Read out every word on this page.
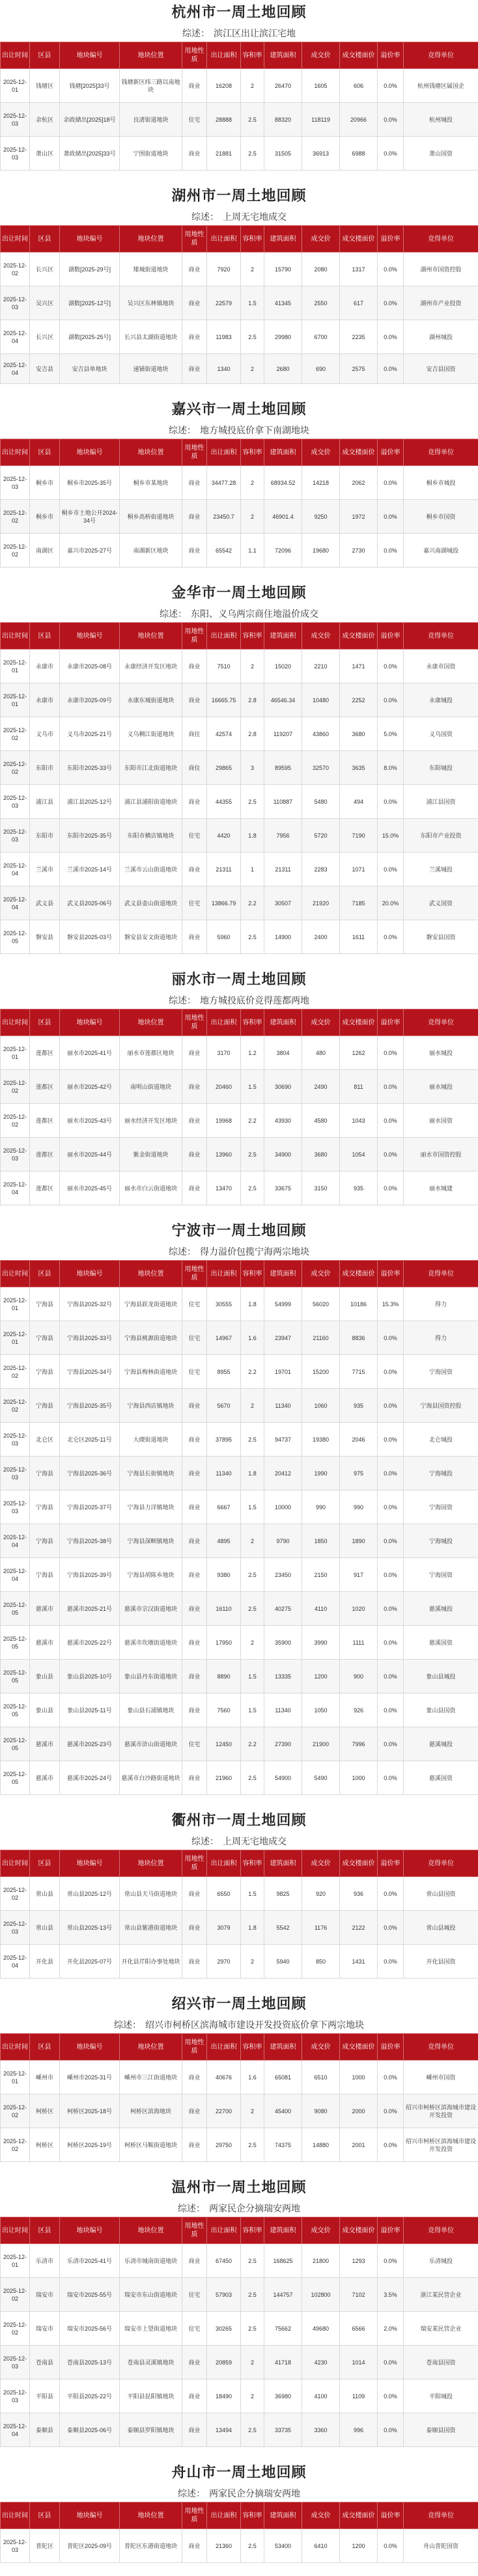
杭州市一周土地回顾
综述： 滨江区出让滨江宅地
出让时间	区县	地块编号	地块位置	用地性质	出让面积	容积率	建筑面积	成交价	成交楼面价	溢价率	竞得单位
2025-12-01	钱塘区	钱塘[2025]33号	钱塘新区纬三路以南地块	商业	16208	2	26470	1605	606	0.0%	杭州钱塘区属国企
2025-12-03	余杭区	余政储出[2025]18号	良渚街道地块	住宅	28888	2.5	88320	118119	20966	0.0%	杭州城投
2025-12-03	萧山区	萧政储出[2025]33号	宁围街道地块	商业	21881	2.5	31505	36913	6988	0.0%	萧山国资
湖州市一周土地回顾
综述： 上周无宅地成交
出让时间	区县	地块编号	地块位置	用地性质	出让面积	容积率	建筑面积	成交价	成交楼面价	溢价率	竞得单位
2025-12-02	长兴区	湖数[2025-29号]	雉城街道地块	商业	7920	2	15790	2080	1317	0.0%	湖州市国资控股
2025-12-03	吴兴区	湖数[2025-12号]	吴兴区东林镇地块	商业	22579	1.5	41345	2550	617	0.0%	湖州市产业投资
2025-12-04	长兴区	湖数[2025-25号]	长兴县太湖街道地块	商业	11983	2.5	29980	6700	2235	0.0%	湖州城投
2025-12-04	安吉县	安吉县单地块	递铺街道地块	商业	1340	2	2680	690	2575	0.0%	安吉县国资
嘉兴市一周土地回顾
综述： 地方城投底价拿下南湖地块
出让时间	区县	地块编号	地块位置	用地性质	出让面积	容积率	建筑面积	成交价	成交楼面价	溢价率	竞得单位
2025-12-03	桐乡市	桐乡市2025-35号	桐乡市某地块	商业	34477.28	2	68934.52	14218	2062	0.0%	桐乡市城投
2025-12-02	桐乡市	桐乡市土地公开2024-34号	桐乡高桥街道地块	商业	23450.7	2	46901.4	9250	1972	0.0%	桐乡市国资
2025-12-02	南湖区	嘉兴市2025-27号	南湖新区地块	商业	65542	1.1	72096	19680	2730	0.0%	嘉兴南湖城投
金华市一周土地回顾
综述： 东阳、义乌两宗商住地溢价成交
出让时间	区县	地块编号	地块位置	用地性质	出让面积	容积率	建筑面积	成交价	成交楼面价	溢价率	竞得单位
2025-12-01	永康市	永康市2025-08号	永康经济开发区地块	商业	7510	2	15020	2210	1471	0.0%	永康市国资
2025-12-01	永康市	永康市2025-09号	永康东城街道地块	商业	16665.75	2.8	46546.34	10480	2252	0.0%	永康城投
2025-12-02	义乌市	义乌市2025-21号	义乌稠江街道地块	商住	42574	2.8	119207	43860	3680	5.0%	义乌国资
2025-12-02	东阳市	东阳市2025-33号	东阳市江北街道地块	商住	29865	3	89595	32570	3635	8.0%	东阳城投
2025-12-03	浦江县	浦江县2025-12号	浦江县浦阳街道地块	商业	44355	2.5	110887	5480	494	0.0%	浦江县国资
2025-12-03	东阳市	东阳市2025-35号	东阳市横店镇地块	住宅	4420	1.8	7956	5720	7190	15.0%	东阳市产业投资
2025-12-04	兰溪市	兰溪市2025-14号	兰溪市云山街道地块	商业	21311	1	21311	2283	1071	0.0%	兰溪城投
2025-12-04	武义县	武义县2025-06号	武义县壶山街道地块	住宅	13866.79	2.2	30507	21920	7185	20.0%	武义国资
2025-12-05	磐安县	磐安县2025-03号	磐安县安文街道地块	商业	5960	2.5	14900	2400	1611	0.0%	磐安县国资
丽水市一周土地回顾
综述： 地方城投底价竞得莲都两地
出让时间	区县	地块编号	地块位置	用地性质	出让面积	容积率	建筑面积	成交价	成交楼面价	溢价率	竞得单位
2025-12-01	莲都区	丽水市2025-41号	丽水市莲都区地块	商业	3170	1.2	3804	480	1262	0.0%	丽水城投
2025-12-02	莲都区	丽水市2025-42号	南明山街道地块	商业	20460	1.5	30690	2490	811	0.0%	丽水城投
2025-12-02	莲都区	丽水市2025-43号	丽水经济开发区地块	商业	19968	2.2	43930	4580	1043	0.0%	丽水国资
2025-12-03	莲都区	丽水市2025-44号	紫金街道地块	商业	13960	2.5	34900	3680	1054	0.0%	丽水市国资控股
2025-12-04	莲都区	丽水市2025-45号	丽水市白云街道地块	商业	13470	2.5	33675	3150	935	0.0%	丽水城建
宁波市一周土地回顾
综述： 得力溢价包揽宁海两宗地块
出让时间	区县	地块编号	地块位置	用地性质	出让面积	容积率	建筑面积	成交价	成交楼面价	溢价率	竞得单位
2025-12-01	宁海县	宁海县2025-32号	宁海县跃龙街道地块	住宅	30555	1.8	54999	56020	10186	15.3%	得力
2025-12-01	宁海县	宁海县2025-33号	宁海县桃源街道地块	住宅	14967	1.6	23947	21160	8836	0.0%	得力
2025-12-02	宁海县	宁海县2025-34号	宁海县梅林街道地块	住宅	8955	2.2	19701	15200	7715	0.0%	宁海国资
2025-12-02	宁海县	宁海县2025-35号	宁海县西店镇地块	商业	5670	2	11340	1060	935	0.0%	宁海县国资控股
2025-12-03	北仑区	北仑区2025-11号	大碶街道地块	商业	37895	2.5	94737	19380	2046	0.0%	北仑城投
2025-12-03	宁海县	宁海县2025-36号	宁海县长街镇地块	商业	11340	1.8	20412	1990	975	0.0%	宁海城投
2025-12-03	宁海县	宁海县2025-37号	宁海县力洋镇地块	商业	6667	1.5	10000	990	990	0.0%	宁海国资
2025-12-04	宁海县	宁海县2025-38号	宁海县深甽镇地块	商业	4895	2	9790	1850	1890	0.0%	宁海城投
2025-12-04	宁海县	宁海县2025-39号	宁海县胡陈乡地块	商业	9380	2.5	23450	2150	917	0.0%	宁海国资
2025-12-05	慈溪市	慈溪市2025-21号	慈溪市宗汉街道地块	商业	16110	2.5	40275	4110	1020	0.0%	慈溪城投
2025-12-05	慈溪市	慈溪市2025-22号	慈溪市坎墩街道地块	商业	17950	2	35900	3990	1111	0.0%	慈溪国资
2025-12-05	象山县	象山县2025-10号	象山县丹东街道地块	商业	8890	1.5	13335	1200	900	0.0%	象山县城投
2025-12-05	象山县	象山县2025-11号	象山县石浦镇地块	商业	7560	1.5	11340	1050	926	0.0%	象山县国资
2025-12-05	慈溪市	慈溪市2025-23号	慈溪市浒山街道地块	住宅	12450	2.2	27390	21900	7996	0.0%	慈溪城投
2025-12-05	慈溪市	慈溪市2025-24号	慈溪市白沙路街道地块	商业	21960	2.5	54900	5490	1000	0.0%	慈溪国资
衢州市一周土地回顾
综述： 上周无宅地成交
出让时间	区县	地块编号	地块位置	用地性质	出让面积	容积率	建筑面积	成交价	成交楼面价	溢价率	竞得单位
2025-12-02	常山县	常山县2025-12号	常山县天马街道地块	商业	6550	1.5	9825	920	936	0.0%	常山县国资
2025-12-03	常山县	常山县2025-13号	常山县紫港街道地块	商业	3079	1.8	5542	1176	2122	0.0%	常山县城投
2025-12-04	开化县	开化县2025-07号	开化县芹阳办事处地块	商业	2970	2	5940	850	1431	0.0%	开化县国资
绍兴市一周土地回顾
综述： 绍兴市柯桥区滨海城市建设开发投资底价拿下两宗地块
出让时间	区县	地块编号	地块位置	用地性质	出让面积	容积率	建筑面积	成交价	成交楼面价	溢价率	竞得单位
2025-12-01	嵊州市	嵊州市2025-31号	嵊州市三江街道地块	商业	40676	1.6	65081	6510	1000	0.0%	嵊州市国资
2025-12-02	柯桥区	柯桥区2025-18号	柯桥区滨海地块	商业	22700	2	45400	9080	2000	0.0%	绍兴市柯桥区滨海城市建设开发投资
2025-12-02	柯桥区	柯桥区2025-19号	柯桥区马鞍街道地块	商业	29750	2.5	74375	14880	2001	0.0%	绍兴市柯桥区滨海城市建设开发投资
温州市一周土地回顾
综述： 两家民企分摘瑞安两地
出让时间	区县	地块编号	地块位置	用地性质	出让面积	容积率	建筑面积	成交价	成交楼面价	溢价率	竞得单位
2025-12-01	乐清市	乐清市2025-41号	乐清市城南街道地块	商业	67450	2.5	168625	21800	1293	0.0%	乐清城投
2025-12-02	瑞安市	瑞安市2025-55号	瑞安市东山街道地块	住宅	57903	2.5	144757	102800	7102	3.5%	浙江某民营企业
2025-12-02	瑞安市	瑞安市2025-56号	瑞安市上望街道地块	住宅	30265	2.5	75662	49680	6566	2.0%	瑞安某民营企业
2025-12-03	苍南县	苍南县2025-13号	苍南县灵溪镇地块	商业	20859	2	41718	4230	1014	0.0%	苍南县国资
2025-12-03	平阳县	平阳县2025-22号	平阳县昆阳镇地块	商业	18490	2	36980	4100	1109	0.0%	平阳城投
2025-12-04	泰顺县	泰顺县2025-06号	泰顺县罗阳镇地块	商业	13494	2.5	33735	3360	996	0.0%	泰顺县国资
舟山市一周土地回顾
综述： 两家民企分摘瑞安两地
出让时间	区县	地块编号	地块位置	用地性质	出让面积	容积率	建筑面积	成交价	成交楼面价	溢价率	竞得单位
2025-12-03	普陀区	普陀区2025-09号	普陀区东港街道地块	商业	21360	2.5	53400	6410	1200	0.0%	舟山普陀国资
